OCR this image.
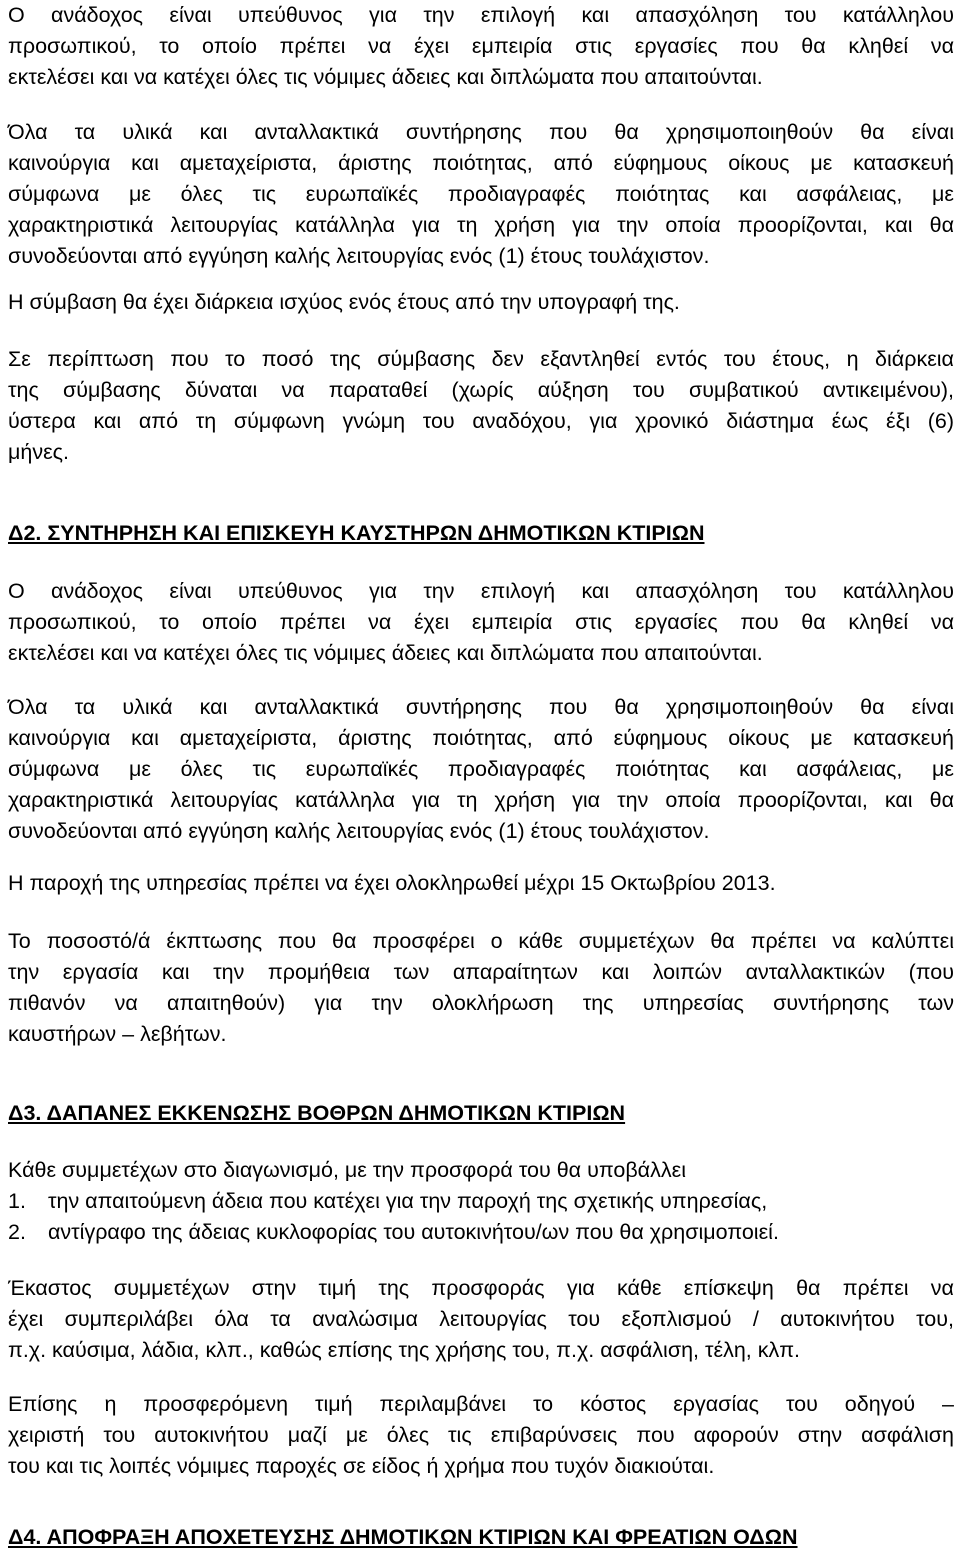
Ο ανάδοχος είναι υπεύθυνος για την επιλογή και απασχόληση του κατάλληλου
προσωπικού, το οποίο πρέπει να έχει εμπειρία στις εργασίες που θα κληθεί να
εκτελέσει και να κατέχει όλες τις νόμιμες άδειες και διπλώματα που απαιτούνται.

Όλα τα υλικά και ανταλλακτικά συντήρησης που θα χρησιμοποιηθούν θα είναι
καινούργια και αμεταχείριστα, άριστης ποιότητας, από εύφημους οίκους με κατασκευή
σύμφωνα με όλες τις ευρωπαϊκές προδιαγραφές ποιότητας και ασφάλειας, με
χαρακτηριστικά λειτουργίας κατάλληλα για τη χρήση για την οποία προορίζονται, και θα
συνοδεύονται από εγγύηση καλής λειτουργίας ενός (1) έτους τουλάχιστον.

Η σύμβαση θα έχει διάρκεια ισχύος ενός έτους από την υπογραφή της.

Σε περίπτωση που το ποσό της σύμβασης δεν εξαντληθεί εντός του έτους, η διάρκεια
της σύμβασης δύναται να παραταθεί (χωρίς αύξηση του συμβατικού αντικειμένου),
ύστερα και από τη σύμφωνη γνώμη του αναδόχου, για χρονικό διάστημα έως έξι (6)
μήνες.

Δ2. ΣΥΝΤΗΡΗΣΗ ΚΑΙ ΕΠΙΣΚΕΥΗ ΚΑΥΣΤΗΡΩΝ ΔΗΜΟΤΙΚΩΝ ΚΤΙΡΙΩΝ

Ο ανάδοχος είναι υπεύθυνος για την επιλογή και απασχόληση του κατάλληλου
προσωπικού, το οποίο πρέπει να έχει εμπειρία στις εργασίες που θα κληθεί να
εκτελέσει και να κατέχει όλες τις νόμιμες άδειες και διπλώματα που απαιτούνται.

Όλα τα υλικά και ανταλλακτικά συντήρησης που θα χρησιμοποιηθούν θα είναι
καινούργια και αμεταχείριστα, άριστης ποιότητας, από εύφημους οίκους με κατασκευή
σύμφωνα με όλες τις ευρωπαϊκές προδιαγραφές ποιότητας και ασφάλειας, με
χαρακτηριστικά λειτουργίας κατάλληλα για τη χρήση για την οποία προορίζονται, και θα
συνοδεύονται από εγγύηση καλής λειτουργίας ενός (1) έτους τουλάχιστον.

Η παροχή της υπηρεσίας πρέπει να έχει ολοκληρωθεί μέχρι 15 Οκτωβρίου 2013.

Το ποσοστό/ά έκπτωσης που θα προσφέρει ο κάθε συμμετέχων θα πρέπει να καλύπτει
την εργασία και την προμήθεια των απαραίτητων και λοιπών ανταλλακτικών (που
πιθανόν να απαιτηθούν) για την ολοκλήρωση της υπηρεσίας συντήρησης των
καυστήρων – λεβήτων.

Δ3. ΔΑΠΑΝΕΣ ΕΚΚΕΝΩΣΗΣ ΒΟΘΡΩΝ ΔΗΜΟΤΙΚΩΝ ΚΤΙΡΙΩΝ

Κάθε συμμετέχων στο διαγωνισμό, με την προσφορά του θα υποβάλλει

1. την απαιτούμενη άδεια που κατέχει για την παροχή της σχετικής υπηρεσίας,
2. αντίγραφο της άδειας κυκλοφορίας του αυτοκινήτου/ων που θα χρησιμοποιεί.

Έκαστος συμμετέχων στην τιμή της προσφοράς για κάθε επίσκεψη θα πρέπει να
έχει συμπεριλάβει όλα τα αναλώσιμα λειτουργίας του εξοπλισμού / αυτοκινήτου του,
π.χ. καύσιμα, λάδια, κλπ., καθώς επίσης της χρήσης του, π.χ. ασφάλιση, τέλη, κλπ.

Επίσης η προσφερόμενη τιμή περιλαμβάνει το κόστος εργασίας του οδηγού –
χειριστή του αυτοκινήτου μαζί με όλες τις επιβαρύνσεις που αφορούν στην ασφάλιση
του και τις λοιπές νόμιμες παροχές σε είδος ή χρήμα που τυχόν διακιούται.

Δ4. ΑΠΟΦΡΑΞΗ ΑΠΟΧΕΤΕΥΣΗΣ ΔΗΜΟΤΙΚΩΝ ΚΤΙΡΙΩΝ ΚΑΙ ΦΡΕΑΤΙΩΝ ΟΔΩΝ
